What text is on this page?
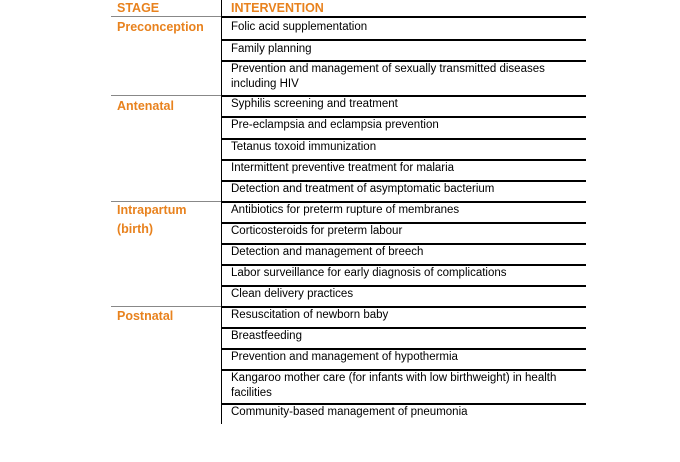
STAGE	INTERVENTION
Preconception
Antenatal
Intrapartum (birth)
Postnatal
Folic acid supplementation
Family planning
Prevention and management of sexually transmitted diseases including HIV
Syphilis screening and treatment
Pre-eclampsia and eclampsia prevention
Tetanus toxoid immunization
Intermittent preventive treatment for malaria
Detection and treatment of asymptomatic bacterium
Antibiotics for preterm rupture of membranes
Corticosteroids for preterm labour
Detection and management of breech
Labor surveillance for early diagnosis of complications
Clean delivery practices
Resuscitation of newborn baby
Breastfeeding
Prevention and management of hypothermia
Kangaroo mother care (for infants with low birthweight) in health facilities
Community-based management of pneumonia
